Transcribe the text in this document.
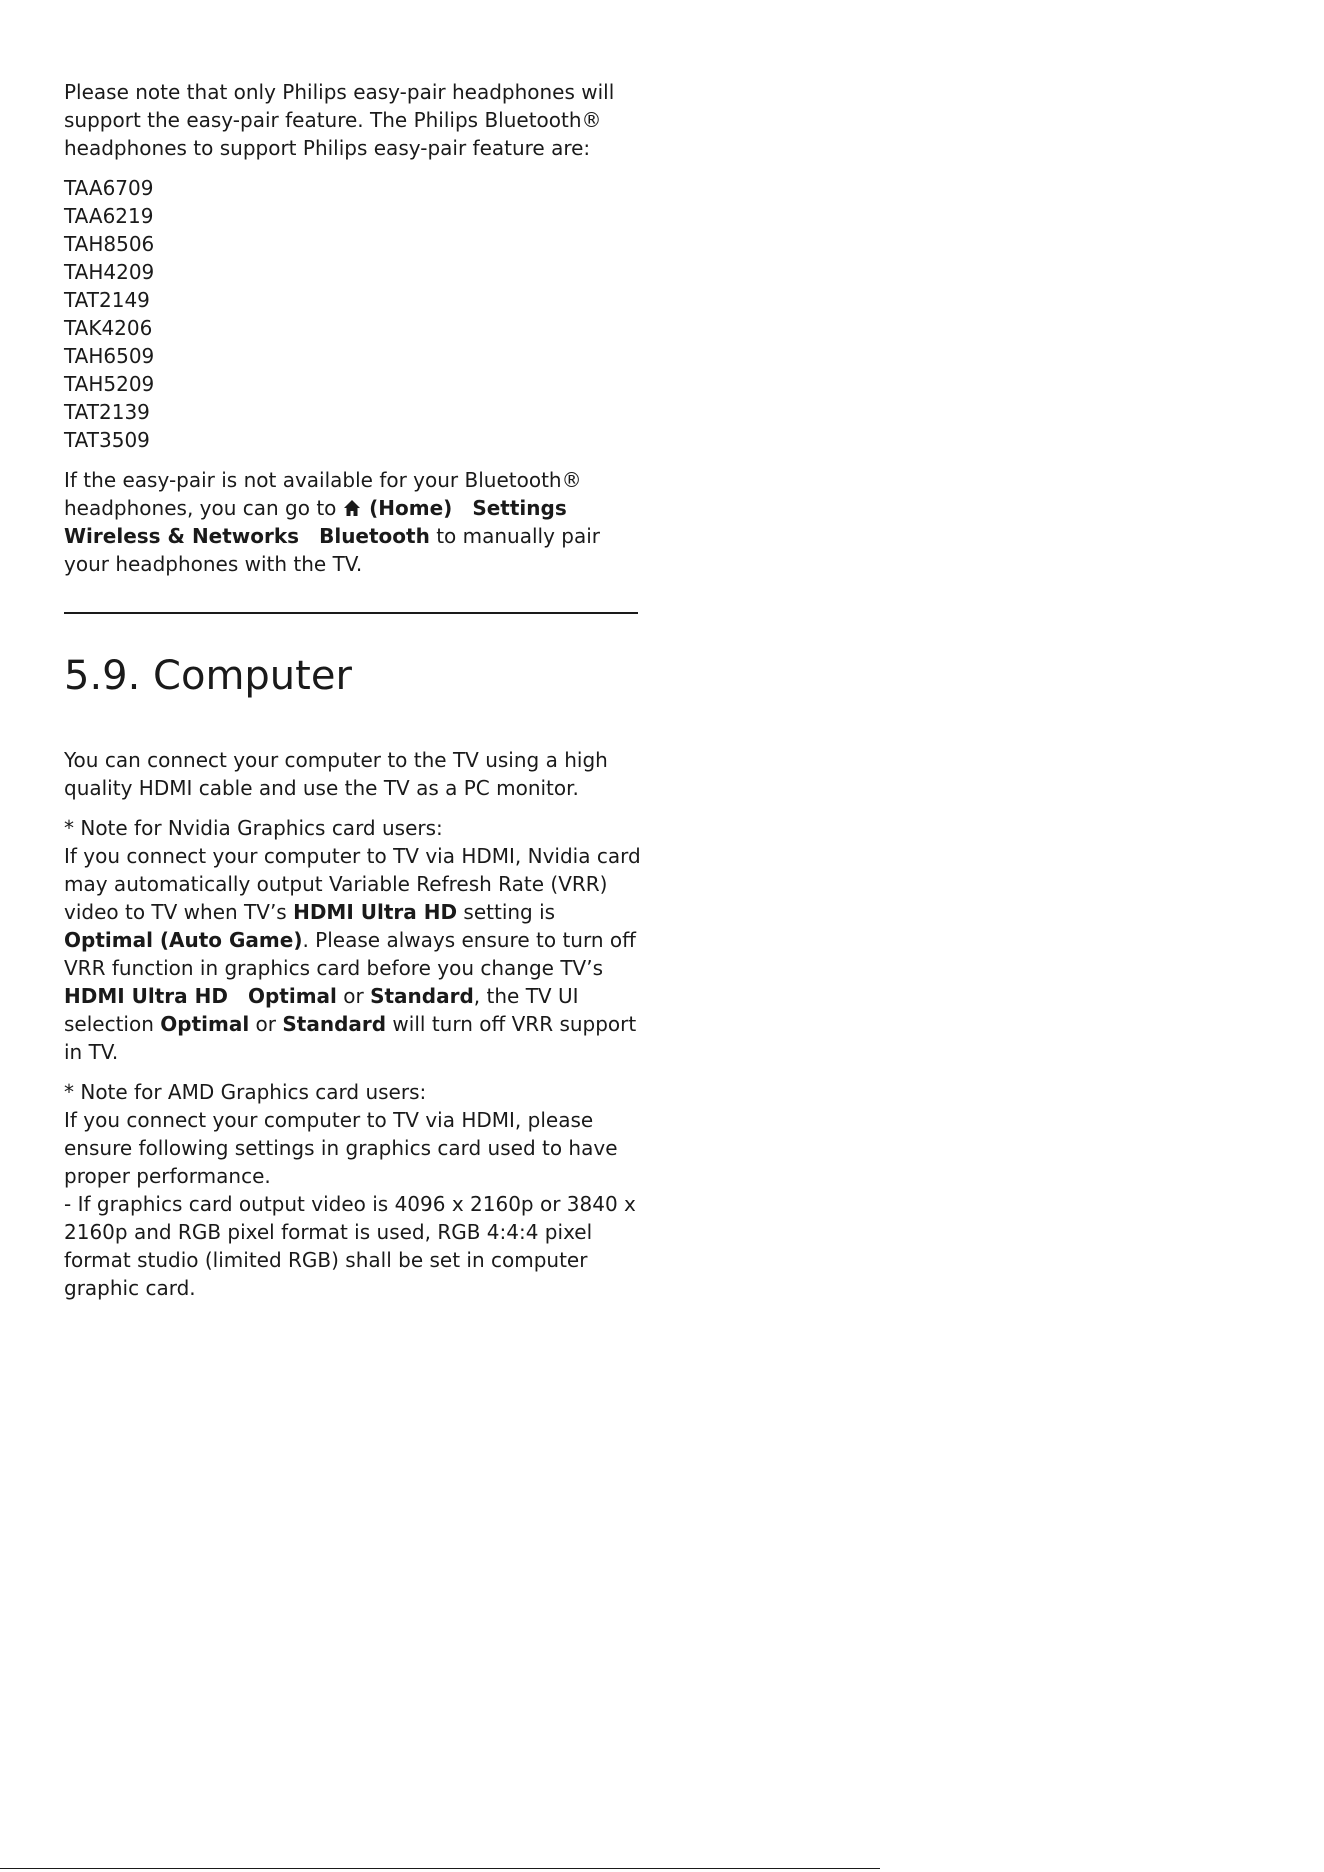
Please note that only Philips easy-pair headphones will support the easy-pair feature. The Philips Bluetooth® headphones to support Philips easy-pair feature are:

TAA6709
TAA6219
TAH8506
TAH4209
TAT2149
TAK4206
TAH6509
TAH5209
TAT2139
TAT3509

If the easy-pair is not available for your Bluetooth® headphones, you can go to  (Home) Settings Wireless & Networks Bluetooth to manually pair your headphones with the TV.

5.9. Computer

You can connect your computer to the TV using a high quality HDMI cable and use the TV as a PC monitor.

* Note for Nvidia Graphics card users:
If you connect your computer to TV via HDMI, Nvidia card may automatically output Variable Refresh Rate (VRR) video to TV when TV’s HDMI Ultra HD setting is Optimal (Auto Game). Please always ensure to turn off VRR function in graphics card before you change TV’s HDMI Ultra HD Optimal or Standard, the TV UI selection Optimal or Standard will turn off VRR support in TV.

* Note for AMD Graphics card users:
If you connect your computer to TV via HDMI, please ensure following settings in graphics card used to have proper performance.
- If graphics card output video is 4096 x 2160p or 3840 x 2160p and RGB pixel format is used, RGB 4:4:4 pixel format studio (limited RGB) shall be set in computer graphic card.
